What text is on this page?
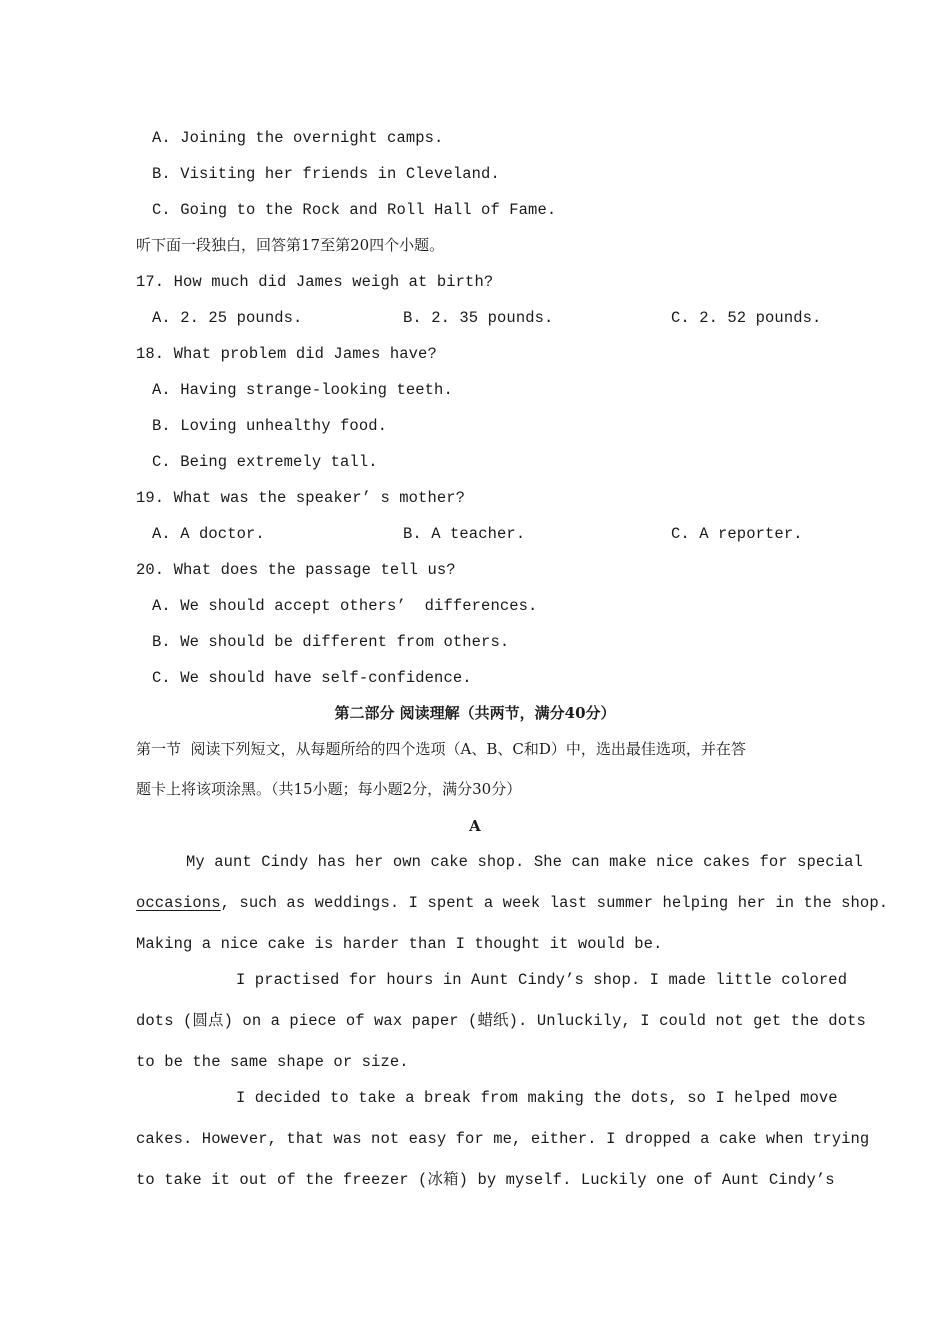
A. Joining the overnight camps.
B. Visiting her friends in Cleveland.
C. Going to the Rock and Roll Hall of Fame.
听下面一段独白，回答第17至第20四个小题。
17. How much did James weigh at birth?
A. 2. 25 pounds.	B. 2. 35 pounds.	C. 2. 52 pounds.
18. What problem did James have?
A. Having strange-looking teeth.
B. Loving unhealthy food.
C. Being extremely tall.
19. What was the speaker’ s mother?
A. A doctor.	B. A teacher.	C. A reporter.
20. What does the passage tell us?
A. We should accept others’  differences.
B. We should be different from others.
C. We should have self-confidence.
第二部分 阅读理解（共两节，满分40分）
第一节  阅读下列短文，从每题所给的四个选项（A、B、C和D）中，选出最佳选项，并在答
题卡上将该项涂黑。（共15小题；每小题2分，满分30分）
A
My aunt Cindy has her own cake shop. She can make nice cakes for special
occasions, such as weddings. I spent a week last summer helping her in the shop.
Making a nice cake is harder than I thought it would be.
I practised for hours in Aunt Cindy’s shop. I made little colored
dots (圆点) on a piece of wax paper (蜡纸). Unluckily, I could not get the dots
to be the same shape or size.
I decided to take a break from making the dots, so I helped move
cakes. However, that was not easy for me, either. I dropped a cake when trying
to take it out of the freezer (冰箱) by myself. Luckily one of Aunt Cindy’s
